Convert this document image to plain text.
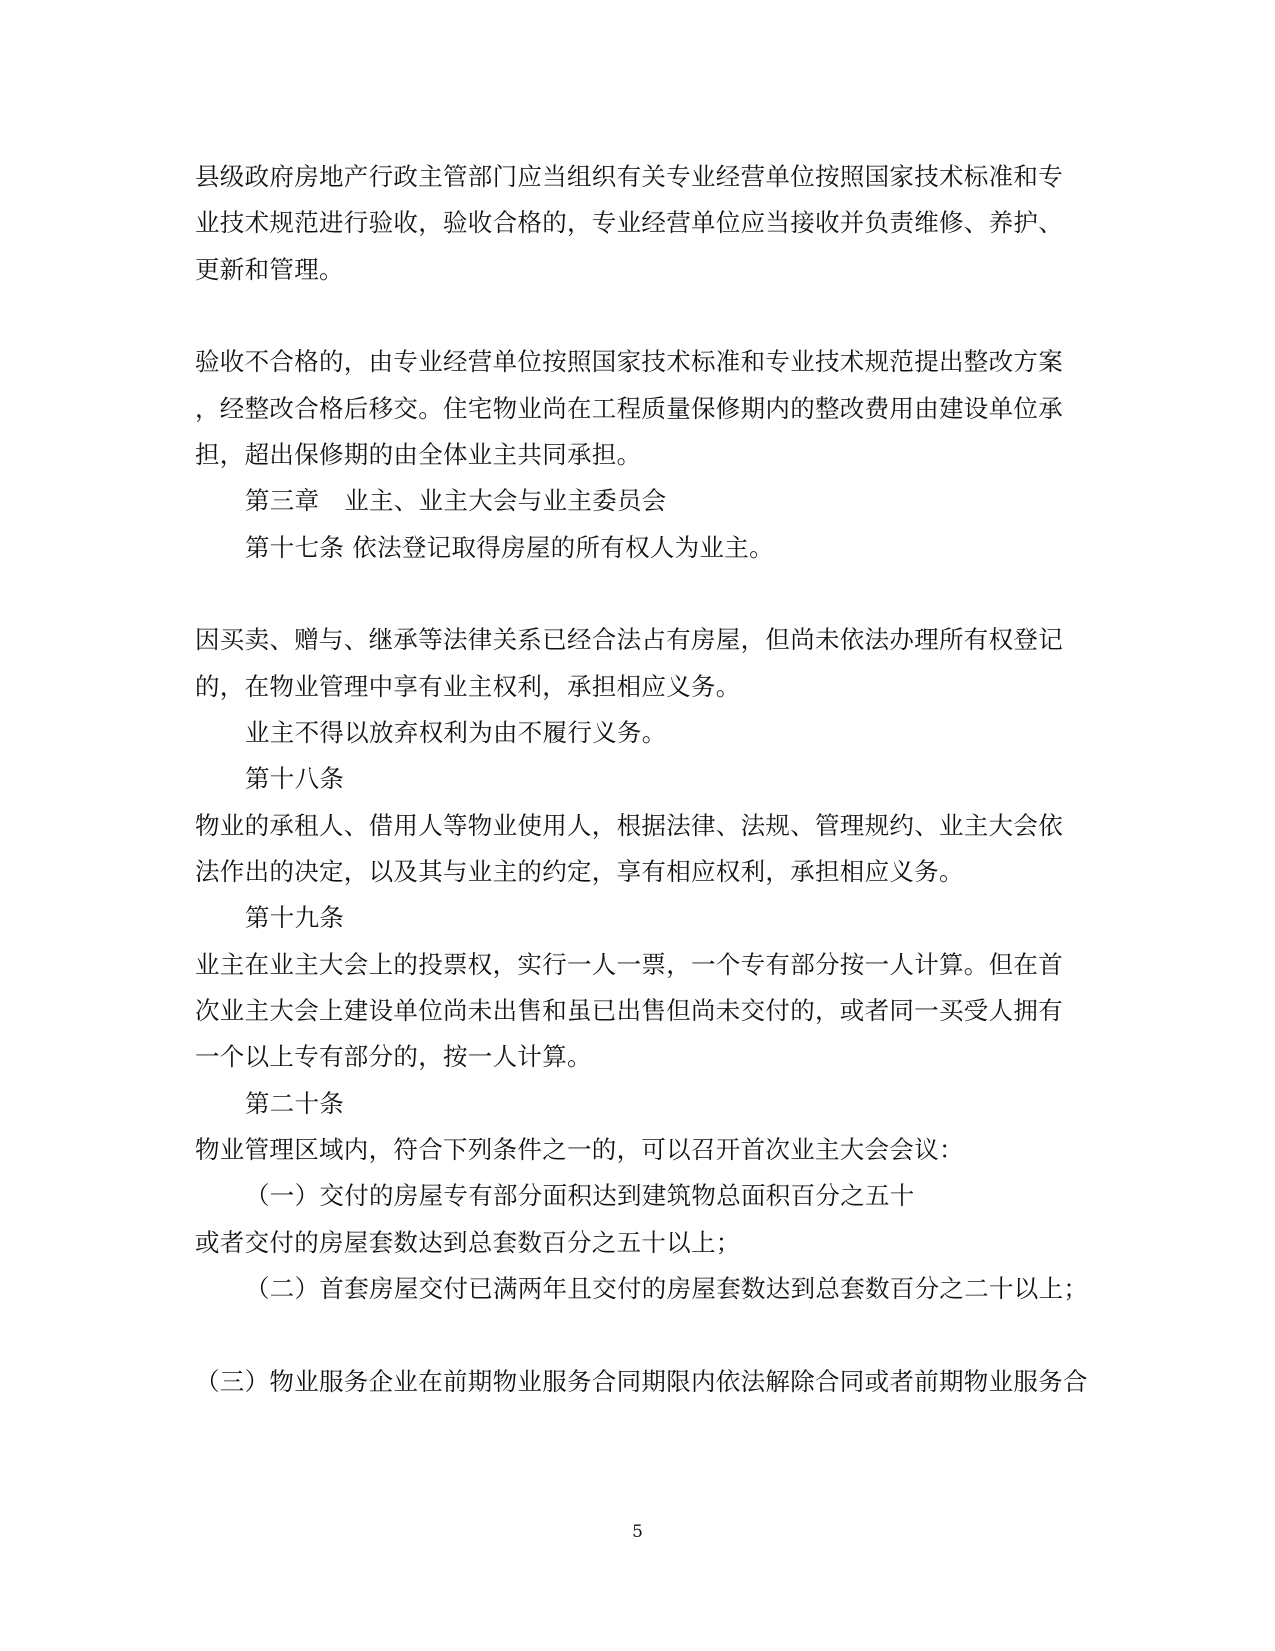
县级政府房地产行政主管部门应当组织有关专业经营单位按照国家技术标准和专
业技术规范进行验收，验收合格的，专业经营单位应当接收并负责维修、养护、
更新和管理。
验收不合格的，由专业经营单位按照国家技术标准和专业技术规范提出整改方案
，经整改合格后移交。住宅物业尚在工程质量保修期内的整改费用由建设单位承
担，超出保修期的由全体业主共同承担。
第三章　业主、业主大会与业主委员会
第十七条 依法登记取得房屋的所有权人为业主。
因买卖、赠与、继承等法律关系已经合法占有房屋，但尚未依法办理所有权登记
的，在物业管理中享有业主权利，承担相应义务。
业主不得以放弃权利为由不履行义务。
第十八条
物业的承租人、借用人等物业使用人，根据法律、法规、管理规约、业主大会依
法作出的决定，以及其与业主的约定，享有相应权利，承担相应义务。
第十九条
业主在业主大会上的投票权，实行一人一票，一个专有部分按一人计算。但在首
次业主大会上建设单位尚未出售和虽已出售但尚未交付的，或者同一买受人拥有
一个以上专有部分的，按一人计算。
第二十条
物业管理区域内，符合下列条件之一的，可以召开首次业主大会会议：
（一）交付的房屋专有部分面积达到建筑物总面积百分之五十
或者交付的房屋套数达到总套数百分之五十以上；
（二）首套房屋交付已满两年且交付的房屋套数达到总套数百分之二十以上；
（三）物业服务企业在前期物业服务合同期限内依法解除合同或者前期物业服务合
5
